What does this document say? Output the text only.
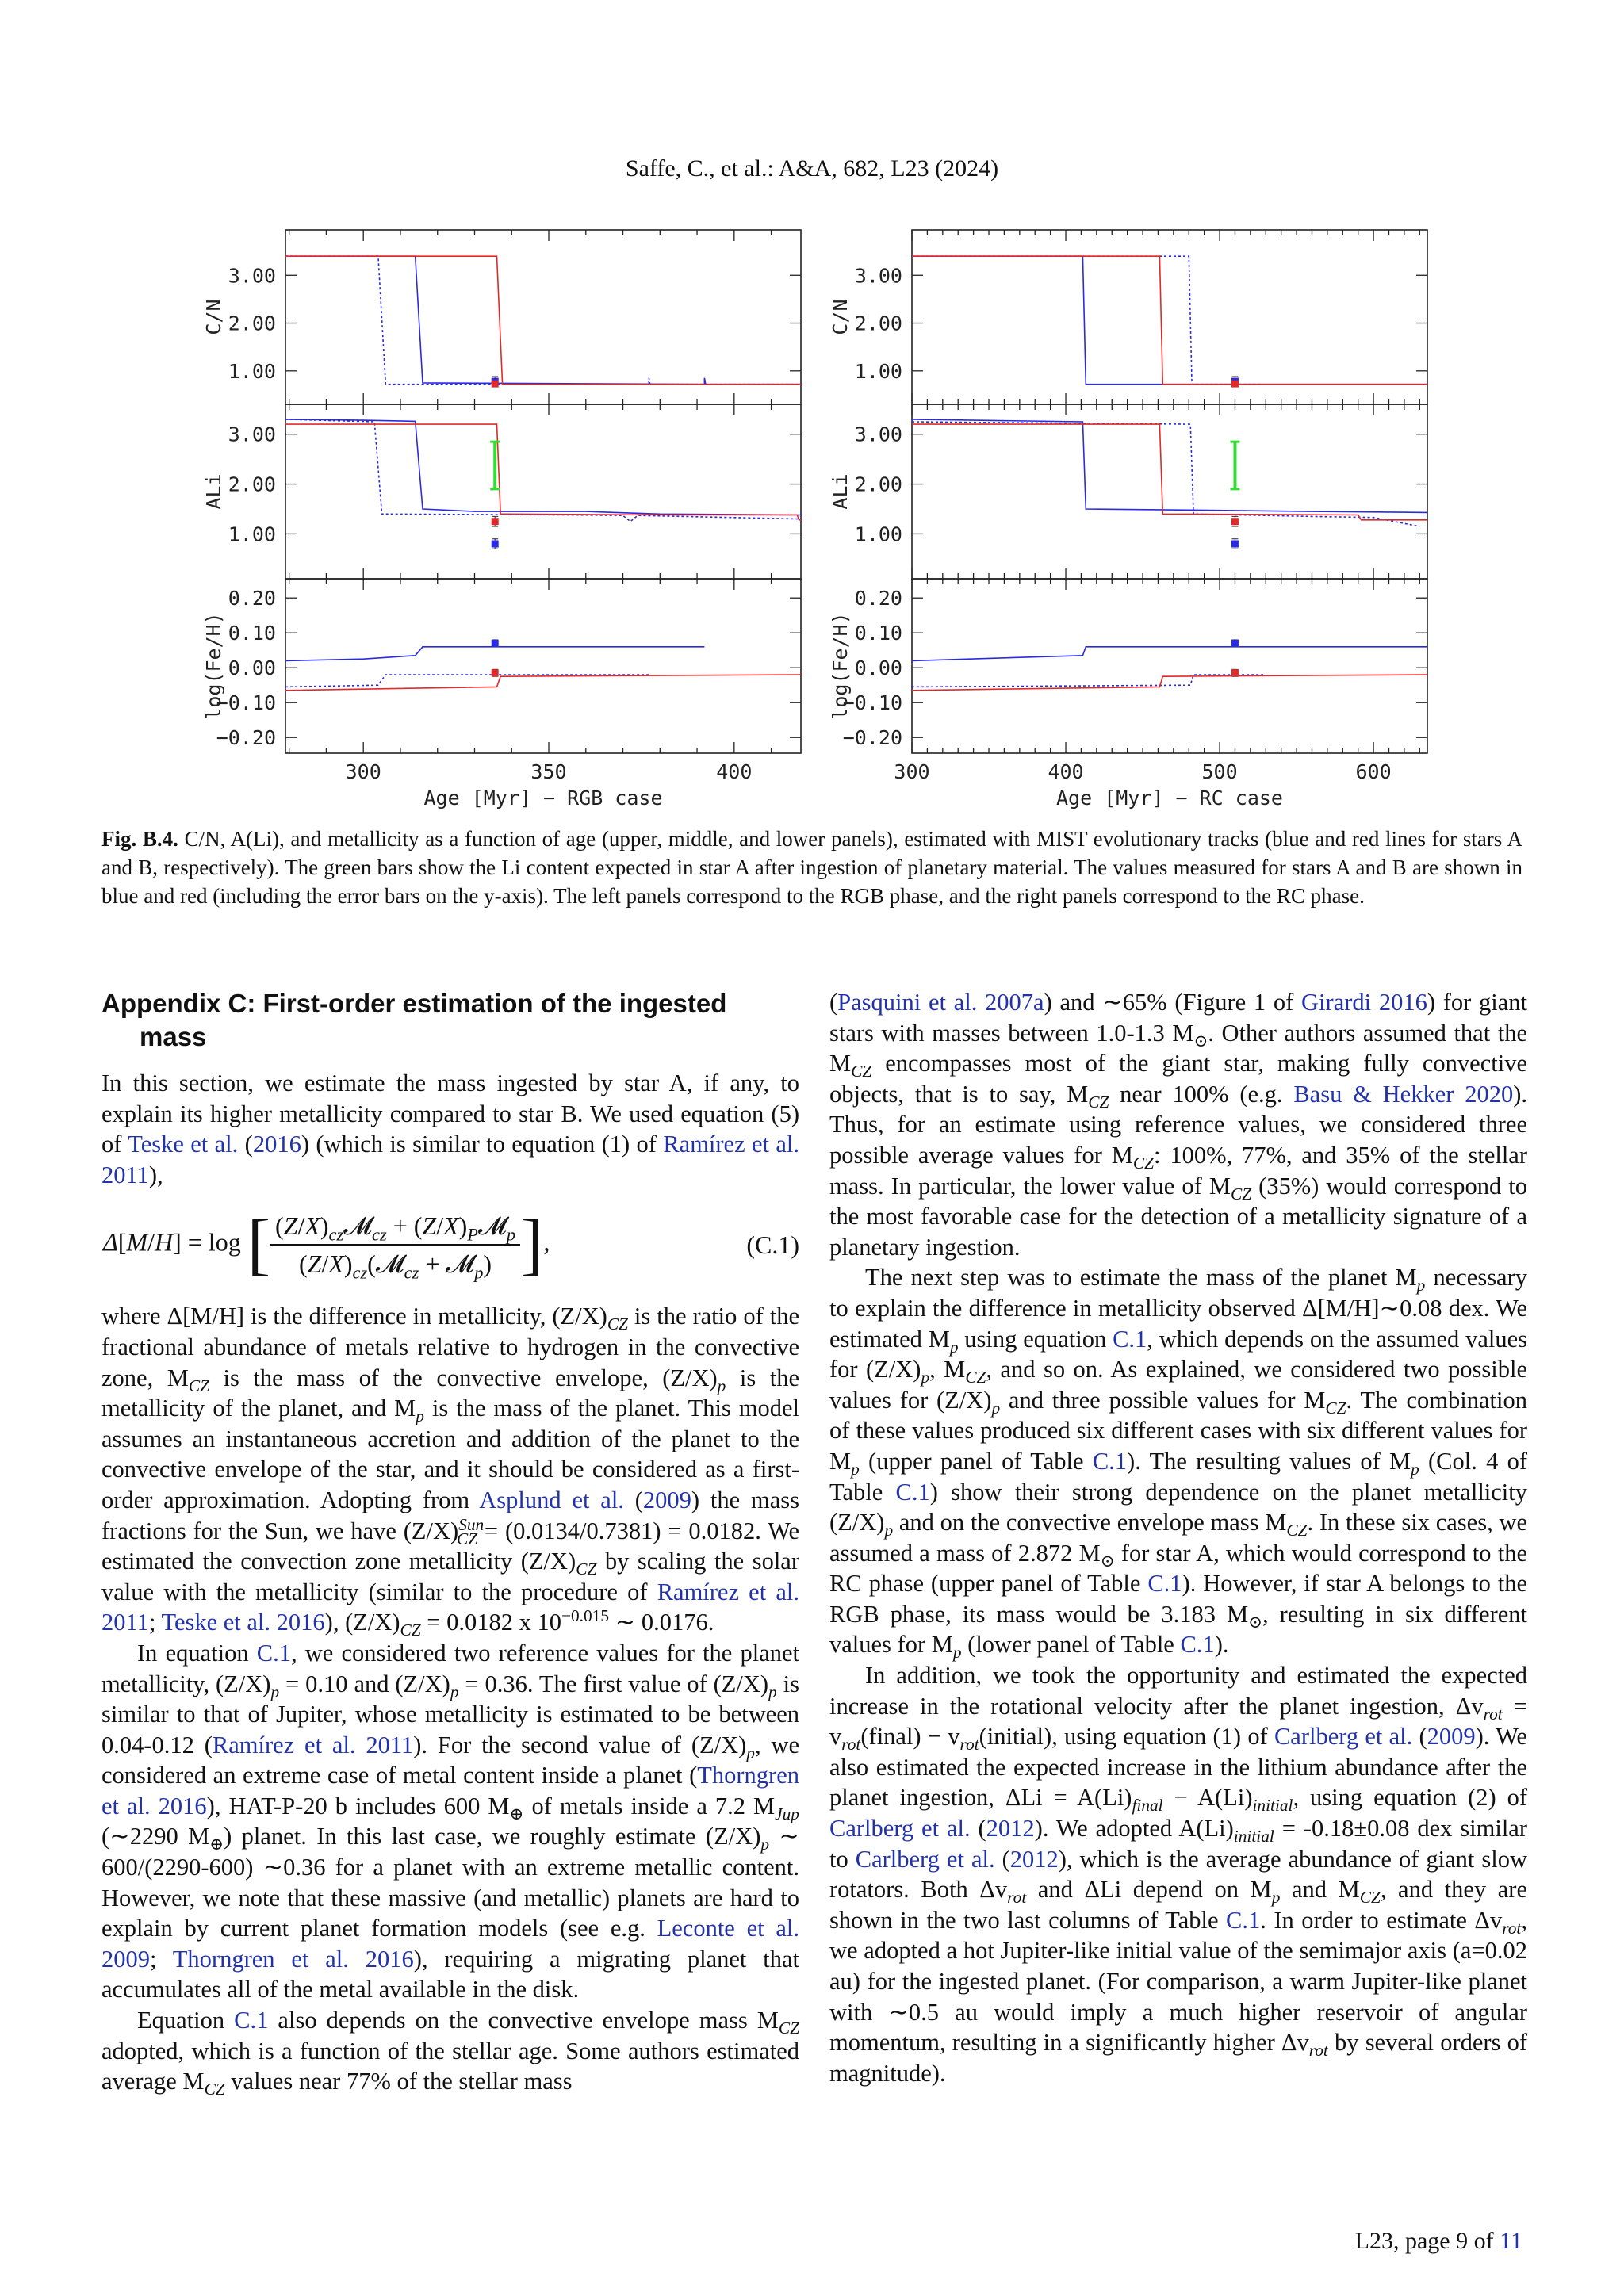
Saffe, C., et al.: A&A, 682, L23 (2024)
1.00
2.00
3.00
C/N
1.00
2.00
3.00
ALi
−0.20
−0.10
0.00
0.10
0.20
log(Fe/H)
300	350	400
Age [Myr] − RGB case
1.00
2.00
3.00
C/N
1.00
2.00
3.00
ALi
−0.20
−0.10
0.00
0.10
0.20
log(Fe/H)
300	400	500	600
Age [Myr] − RC case
Fig. B.4. C/N, A(Li), and metallicity as a function of age (upper, middle, and lower panels), estimated with MIST evolutionary tracks (blue and red lines for stars A and B, respectively). The green bars show the Li content expected in star A after ingestion of planetary material. The values measured for stars A and B are shown in blue and red (including the error bars on the y-axis). The left panels correspond to the RGB phase, and the right panels correspond to the RC phase.
Appendix C: First-order estimation of the ingested
mass

In this section, we estimate the mass ingested by star A, if any, to explain its higher metallicity compared to star B. We used equation (5) of Teske et al. (2016) (which is similar to equation (1) of Ramírez et al. 2011),

Δ[M/H] = log [ $\frac{(Z/X)_{cz}𝓜_{cz} + (Z/X)_P𝓜_p}{(Z/X)_{cz}(𝓜_{cz} + 𝓜_p)}$ ],	(C.1)

where Δ[M/H] is the difference in metallicity, $(Z/X)_{CZ}$ is the ratio of the fractional abundance of metals relative to hydrogen in the convective zone, $M_{CZ}$ is the mass of the convective envelope, $(Z/X)_p$ is the metallicity of the planet, and $M_p$ is the mass of the planet. This model assumes an instantaneous accretion and addition of the planet to the convective envelope of the star, and it should be considered as a first-order approximation. Adopting from Asplund et al. (2009) the mass fractions for the Sun, we have $(Z/X)^{Sun}_{CZ} = (0.0134/0.7381) = 0.0182$. We estimated the convection zone metallicity $(Z/X)_{CZ}$ by scaling the solar value with the metallicity (similar to the procedure of Ramírez et al. 2011; Teske et al. 2016), $(Z/X)_{CZ} = 0.0182$ x $10^{-0.015}$ ∼ 0.0176.

In equation C.1, we considered two reference values for the planet metallicity, $(Z/X)_p = 0.10$ and $(Z/X)_p = 0.36$. The first value of $(Z/X)_p$ is similar to that of Jupiter, whose metallicity is estimated to be between 0.04-0.12 (Ramírez et al. 2011). For the second value of $(Z/X)_p$, we considered an extreme case of metal content inside a planet (Thorngren et al. 2016), HAT-P-20 b includes 600 $M_\oplus$ of metals inside a 7.2 $M_{Jup}$ (∼2290 $M_\oplus$) planet. In this last case, we roughly estimate $(Z/X)_p$ ∼ 600/(2290-600) ∼0.36 for a planet with an extreme metallic content. However, we note that these massive (and metallic) planets are hard to explain by current planet formation models (see e.g. Leconte et al. 2009; Thorngren et al. 2016), requiring a migrating planet that accumulates all of the metal available in the disk.

Equation C.1 also depends on the convective envelope mass $M_{CZ}$ adopted, which is a function of the stellar age. Some authors estimated average $M_{CZ}$ values near 77% of the stellar mass

(Pasquini et al. 2007a) and ∼65% (Figure 1 of Girardi 2016) for giant stars with masses between 1.0-1.3 $M_⊙$. Other authors assumed that the $M_{CZ}$ encompasses most of the giant star, making fully convective objects, that is to say, $M_{CZ}$ near 100% (e.g. Basu & Hekker 2020). Thus, for an estimate using reference values, we considered three possible average values for $M_{CZ}$: 100%, 77%, and 35% of the stellar mass. In particular, the lower value of $M_{CZ}$ (35%) would correspond to the most favorable case for the detection of a metallicity signature of a planetary ingestion.

The next step was to estimate the mass of the planet $M_p$ necessary to explain the difference in metallicity observed Δ[M/H]∼0.08 dex. We estimated $M_p$ using equation C.1, which depends on the assumed values for $(Z/X)_p$, $M_{CZ}$, and so on. As explained, we considered two possible values for $(Z/X)_p$ and three possible values for $M_{CZ}$. The combination of these values produced six different cases with six different values for $M_p$ (upper panel of Table C.1). The resulting values of $M_p$ (Col. 4 of Table C.1) show their strong dependence on the planet metallicity $(Z/X)_p$ and on the convective envelope mass $M_{CZ}$. In these six cases, we assumed a mass of 2.872 $M_⊙$ for star A, which would correspond to the RC phase (upper panel of Table C.1). However, if star A belongs to the RGB phase, its mass would be 3.183 $M_⊙$, resulting in six different values for $M_p$ (lower panel of Table C.1).

In addition, we took the opportunity and estimated the expected increase in the rotational velocity after the planet ingestion, $\Delta v_{rot}$ = $v_{rot}(final)$ − $v_{rot}(initial)$, using equation (1) of Carlberg et al. (2009). We also estimated the expected increase in the lithium abundance after the planet ingestion, $\Delta Li = A(Li)_{final} - A(Li)_{initial}$, using equation (2) of Carlberg et al. (2012). We adopted $A(Li)_{initial} = -0.18\pm 0.08$ dex similar to Carlberg et al. (2012), which is the average abundance of giant slow rotators. Both $\Delta v_{rot}$ and ΔLi depend on $M_p$ and $M_{CZ}$, and they are shown in the two last columns of Table C.1. In order to estimate $\Delta v_{rot}$, we adopted a hot Jupiter-like initial value of the semimajor axis (a=0.02 au) for the ingested planet. (For comparison, a warm Jupiter-like planet with ∼0.5 au would imply a much higher reservoir of angular momentum, resulting in a significantly higher $\Delta v_{rot}$ by several orders of magnitude).

L23, page 9 of 11
